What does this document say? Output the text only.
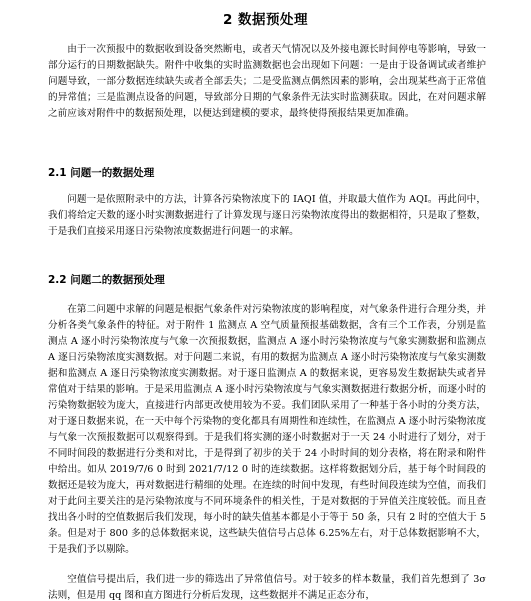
2 数据预处理

由于一次预报中的数据收到设备突然断电，或者天气情况以及外接电源长时间停电等影响，导致一部分运行的日期数据缺失。附件中收集的实时监测数据也会出现如下问题：一是由于设备调试或者维护问题导致，一部分数据连续缺失或者全部丢失；二是受监测点偶然因素的影响，会出现某些高于正常值的异常值；三是监测点设备的问题，导致部分日期的气象条件无法实时监测获取。因此，在对问题求解之前应该对附件中的数据预处理，以便达到建模的要求，最终使得预报结果更加准确。

2.1 问题一的数据处理

问题一是依照附录中的方法，计算各污染物浓度下的 IAQI 值，并取最大值作为 AQI。再此问中，我们将给定天数的逐小时实测数据进行了计算发现与逐日污染物浓度得出的数据相符，只是取了整数，于是我们直接采用逐日污染物浓度数据进行问题一的求解。

2.2 问题二的数据预处理

在第二问题中求解的问题是根据气象条件对污染物浓度的影响程度，对气象条件进行合理分类，并分析各类气象条件的特征。对于附件 1 监测点 A 空气质量预报基础数据，含有三个工作表，分别是监测点 A 逐小时污染物浓度与气象一次预报数据，监测点 A 逐小时污染物浓度与气象实测数据和监测点 A 逐日污染物浓度实测数据。对于问题二来说，有用的数据为监测点 A 逐小时污染物浓度与气象实测数据和监测点 A 逐日污染物浓度实测数据。对于逐日监测点 A 的数据来说，更容易发生数据缺失或者异常值对于结果的影响。于是采用监测点 A 逐小时污染物浓度与气象实测数据进行数据分析，而逐小时的污染物数据较为庞大，直接进行内部更改使用较为不妥。我们团队采用了一种基于各小时的分类方法，对于逐日数据来说，在一天中每个污染物的变化都具有周期性和连续性，在监测点 A 逐小时污染物浓度与气象一次预报数据可以观察得到。于是我们将实测的逐小时数据对于一天 24 小时进行了划分，对于不同时间段的数据进行分类和对比，于是得到了初步的关于 24 小时时间的划分表格，将在附录和附件中给出。如从 2019/7/6 0 时到 2021/7/12 0 时的连续数据。这样将数据划分后，基于每个时间段的数据还是较为庞大，再对数据进行精细的处理。在连续的时间中发现，有些时间段连续为空值，而我们对于此问主要关注的是污染物浓度与不同环境条件的相关性，于是对数据的于异值关注度较低。而且查找出各小时的空值数据后我们发现，每小时的缺失值基本都是小于等于 50 条，只有 2 时的空值大于 5 条。但是对于 800 多的总体数据来说，这些缺失值信号占总体 6.25%左右，对于总体数据影响不大，于是我们予以剔除。

空值信号提出后，我们进一步的筛选出了异常值信号。对于较多的样本数量，我们首先想到了 3σ 法则，但是用 qq 图和直方图进行分析后发现，这些数据并不满足正态分布，
